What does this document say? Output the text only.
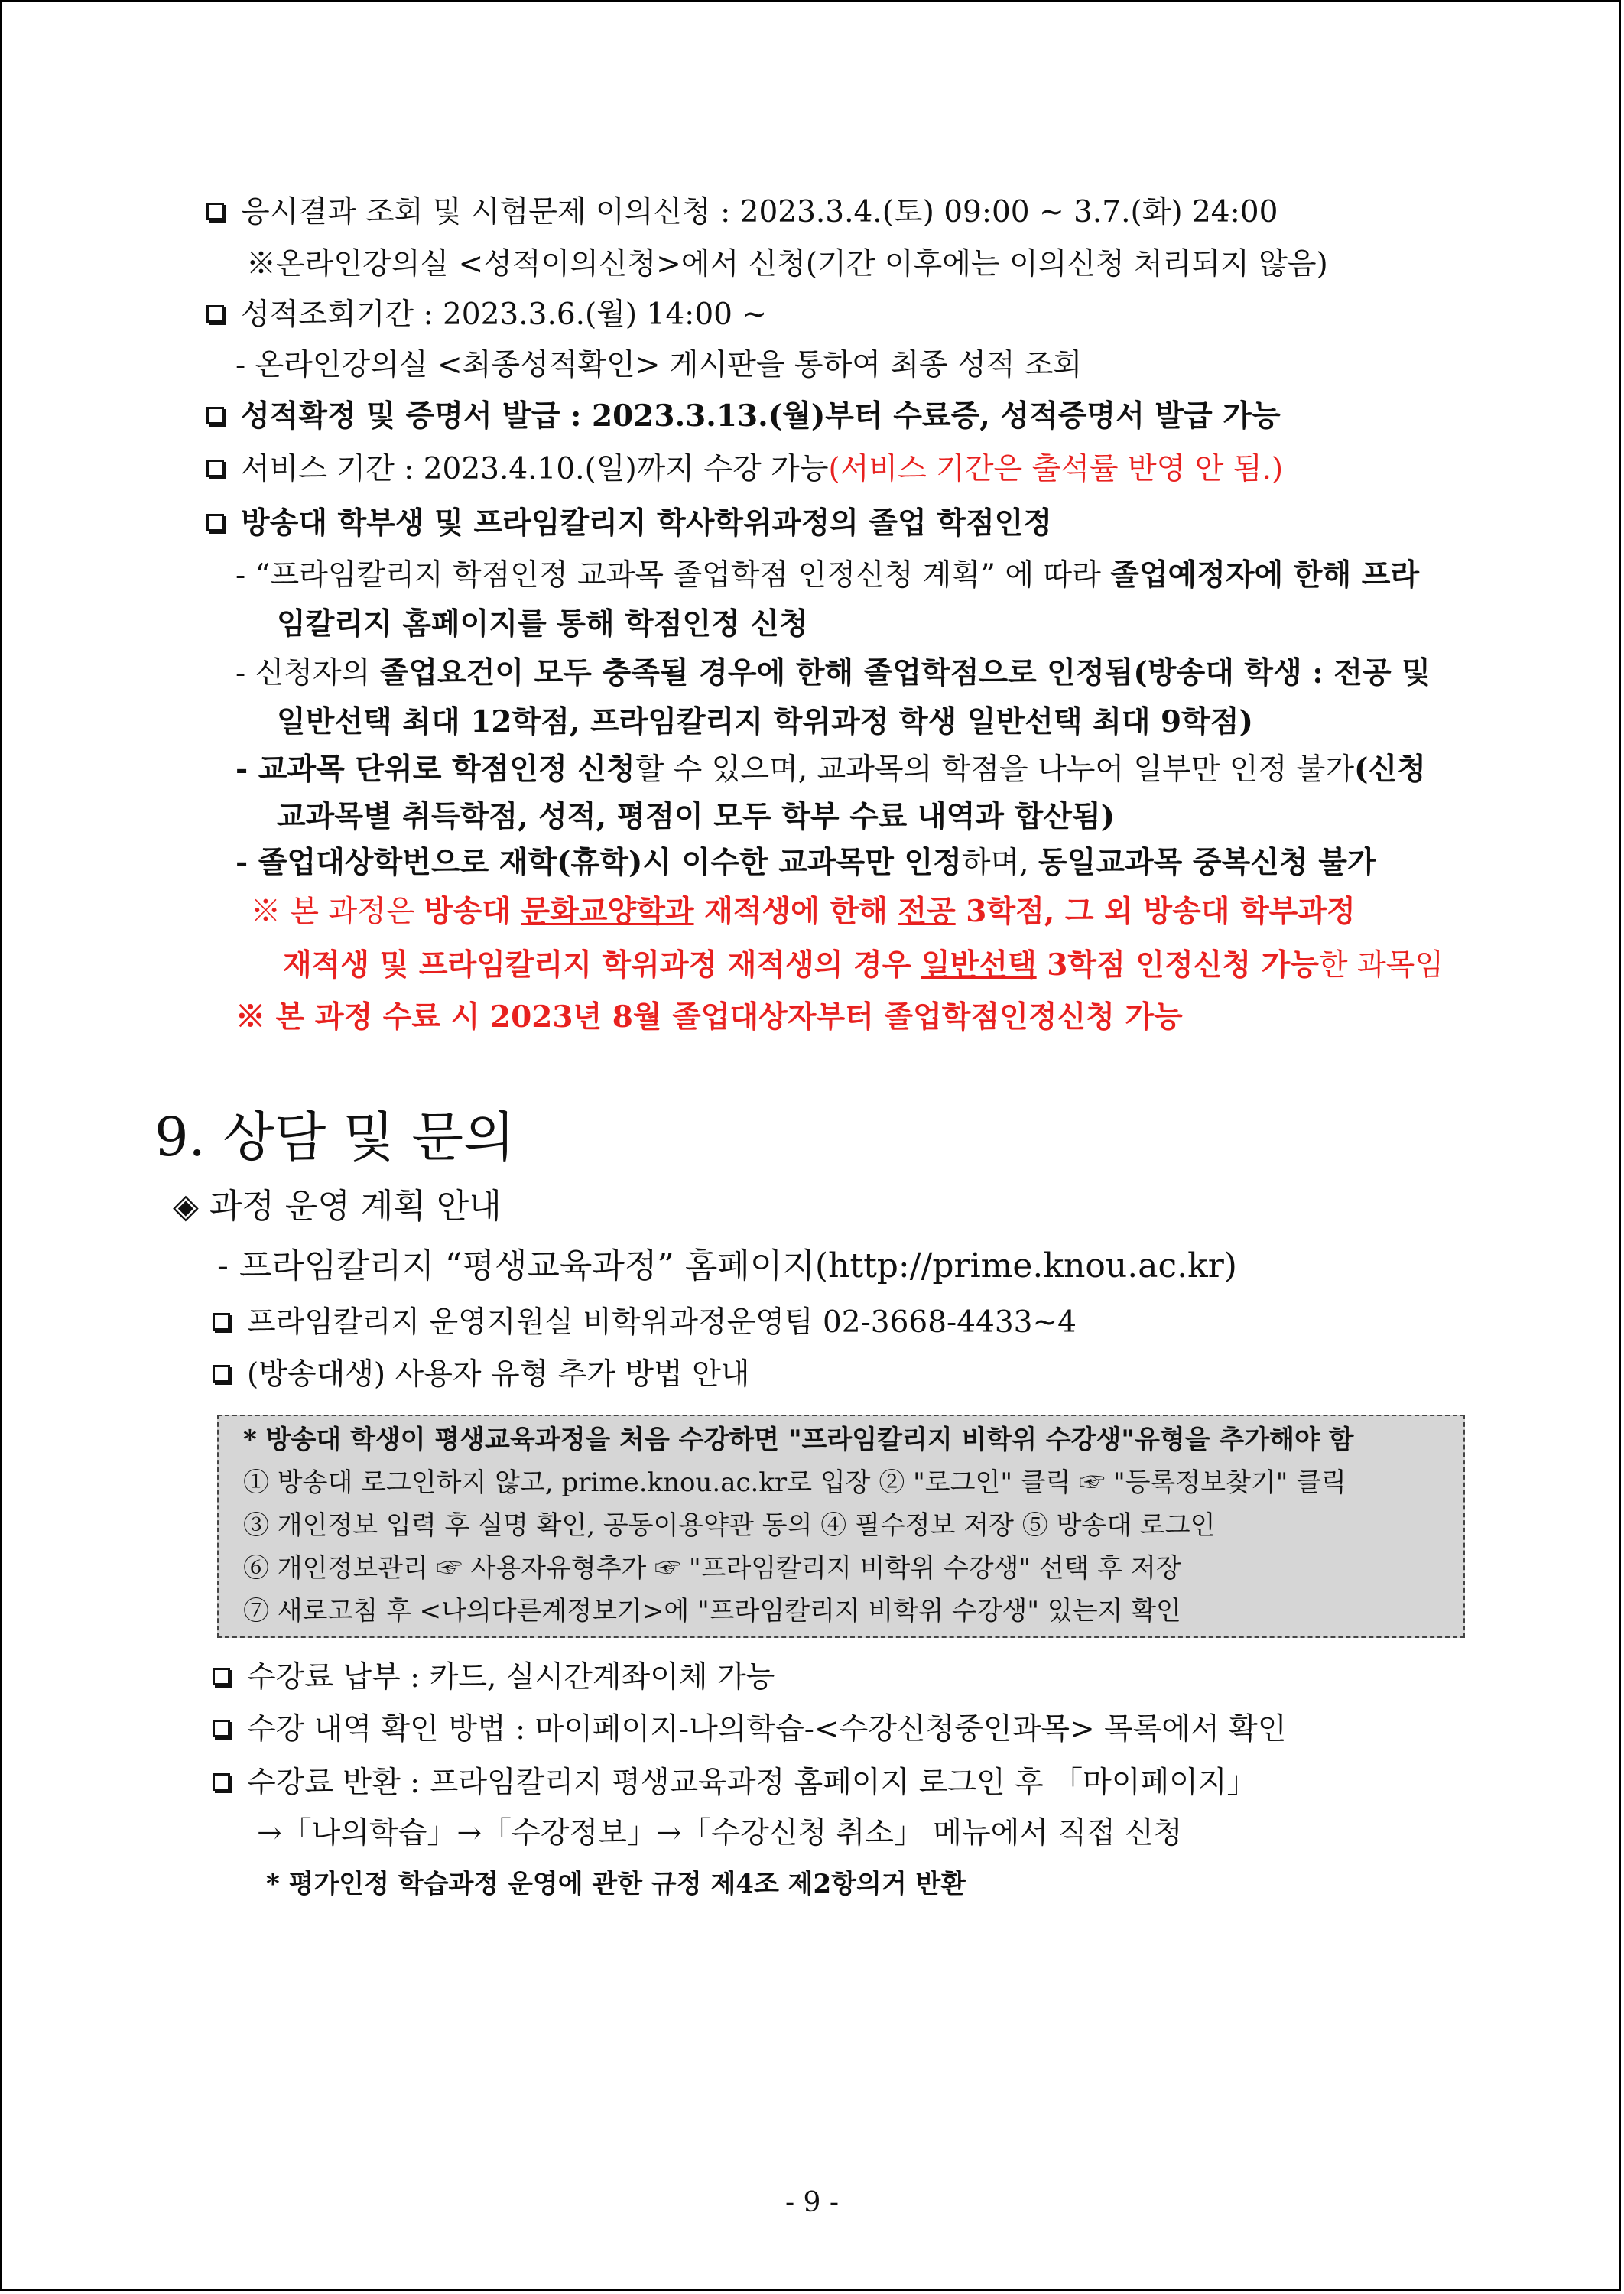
응시결과 조회 및 시험문제 이의신청 : 2023.3.4.(토) 09:00 ~ 3.7.(화) 24:00
※온라인강의실 <성적이의신청>에서 신청(기간 이후에는 이의신청 처리되지 않음)
성적조회기간 : 2023.3.6.(월) 14:00 ~
- 온라인강의실 <최종성적확인> 게시판을 통하여 최종 성적 조회
성적확정 및 증명서 발급 : 2023.3.13.(월)부터 수료증, 성적증명서 발급 가능
서비스 기간 : 2023.4.10.(일)까지 수강 가능(서비스 기간은 출석률 반영 안 됨.)
방송대 학부생 및 프라임칼리지 학사학위과정의 졸업 학점인정
- “프라임칼리지 학점인정 교과목 졸업학점 인정신청 계획” 에 따라 졸업예정자에 한해 프라
임칼리지 홈페이지를 통해 학점인정 신청
- 신청자의 졸업요건이 모두 충족될 경우에 한해 졸업학점으로 인정됨(방송대 학생 : 전공 및
일반선택 최대 12학점, 프라임칼리지 학위과정 학생 일반선택 최대 9학점)
- 교과목 단위로 학점인정 신청할 수 있으며, 교과목의 학점을 나누어 일부만 인정 불가(신청
교과목별 취득학점, 성적, 평점이 모두 학부 수료 내역과 합산됨)
- 졸업대상학번으로 재학(휴학)시 이수한 교과목만 인정하며, 동일교과목 중복신청 불가
※ 본 과정은 방송대 문화교양학과 재적생에 한해 전공 3학점, 그 외 방송대 학부과정
재적생 및 프라임칼리지 학위과정 재적생의 경우 일반선택 3학점 인정신청 가능한 과목임
※ 본 과정 수료 시 2023년 8월 졸업대상자부터 졸업학점인정신청 가능
9. 상담 및 문의
◈ 과정 운영 계획 안내
- 프라임칼리지 “평생교육과정” 홈페이지(http://prime.knou.ac.kr)
프라임칼리지 운영지원실 비학위과정운영팀 02-3668-4433~4
(방송대생) 사용자 유형 추가 방법 안내
* 방송대 학생이 평생교육과정을 처음 수강하면 "프라임칼리지 비학위 수강생"유형을 추가해야 함
① 방송대 로그인하지 않고, prime.knou.ac.kr로 입장 ② "로그인" 클릭 ☞ "등록정보찾기" 클릭
③ 개인정보 입력 후 실명 확인, 공동이용약관 동의 ④ 필수정보 저장 ⑤ 방송대 로그인
⑥ 개인정보관리 ☞ 사용자유형추가 ☞ "프라임칼리지 비학위 수강생" 선택 후 저장
⑦ 새로고침 후 <나의다른계정보기>에 "프라임칼리지 비학위 수강생" 있는지 확인
수강료 납부 : 카드, 실시간계좌이체 가능
수강 내역 확인 방법 : 마이페이지-나의학습-<수강신청중인과목> 목록에서 확인
수강료 반환 : 프라임칼리지 평생교육과정 홈페이지 로그인 후 「마이페이지」
→「나의학습」→「수강정보」→「수강신청 취소」 메뉴에서 직접 신청
* 평가인정 학습과정 운영에 관한 규정 제4조 제2항의거 반환
- 9 -
